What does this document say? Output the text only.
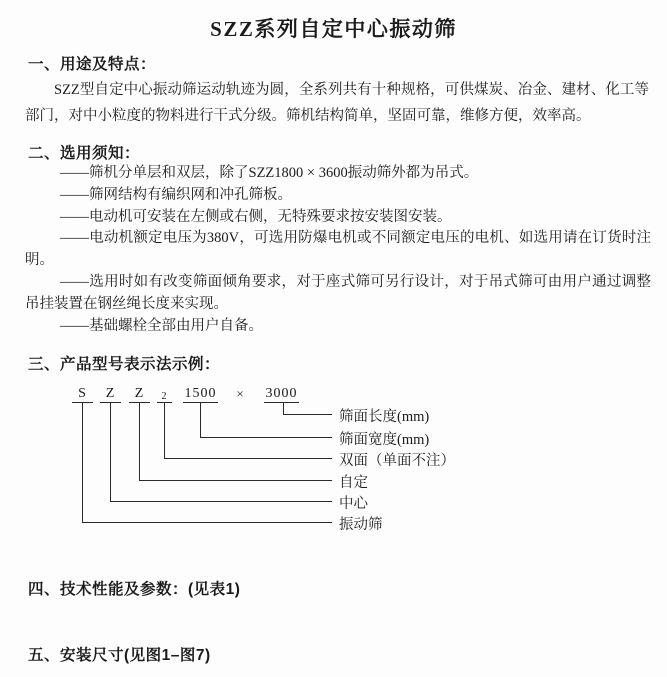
SZZ系列自定中心振动筛
一、用途及特点：
SZZ型自定中心振动筛运动轨迹为圆，全系列共有十种规格，可供煤炭、冶金、建材、化工等部门，对中小粒度的物料进行干式分级。筛机结构简单，坚固可靠，维修方便，效率高。
二、选用须知：

——筛机分单层和双层，除了SZZ1800 × 3600振动筛外都为吊式。

——筛网结构有编织网和冲孔筛板。

——电动机可安装在左侧或右侧，无特殊要求按安装图安装。

——电动机额定电压为380V，可选用防爆电机或不同额定电压的电机、如选用请在订货时注明。

——选用时如有改变筛面倾角要求，对于座式筛可另行设计，对于吊式筛可由用户通过调整吊挂装置在钢丝绳长度来实现。

——基础螺栓全部由用户自备。

三、产品型号表示法示例：
S	Z	Z	2	1500	×	3000
筛面长度(mm)
筛面宽度(mm)
双面（单面不注）
自定
中心
振动筛
四、技术性能及参数：(见表1)
五、安装尺寸(见图1–图7)
